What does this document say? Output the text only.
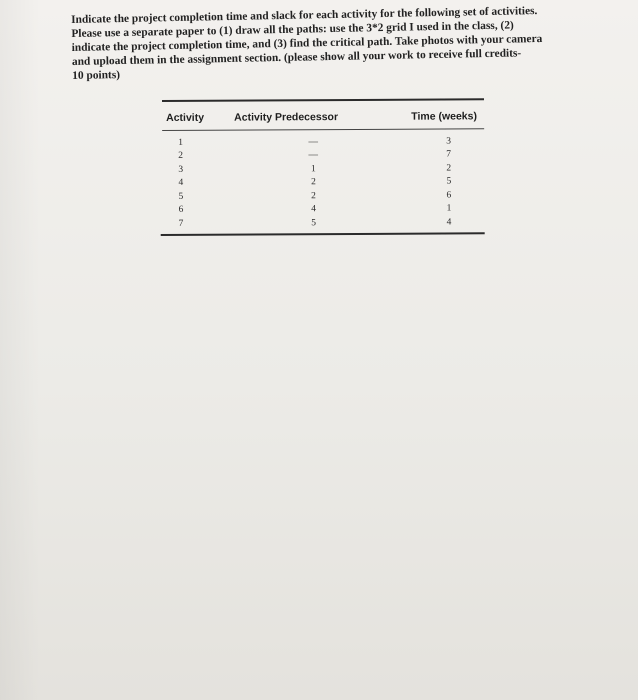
Indicate the project completion time and slack for each activity for the following set of activities.
Please use a separate paper to (1) draw all the paths: use the 3*2 grid I used in the class, (2)
indicate the project completion time, and (3) find the critical path. Take photos with your camera
and upload them in the assignment section. (please show all your work to receive full credits-
10 points)

Activity	Activity Predecessor	Time (weeks)
1	—	3
2	—	7
3	1	2
4	2	5
5	2	6
6	4	1
7	5	4
